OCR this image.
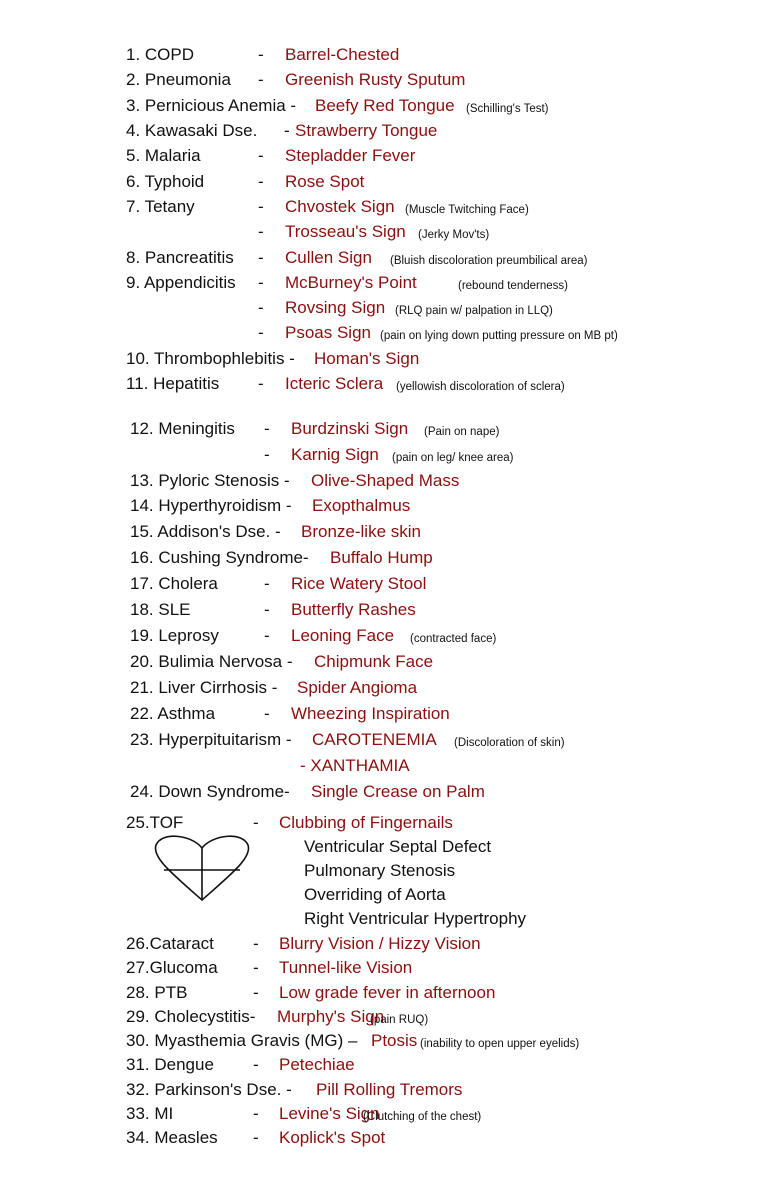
1. COPD	- Barrel-Chested
2. Pneumonia - Greenish Rusty Sputum
3. Pernicious Anemia - Beefy Red Tongue (Schilling's Test)
4. Kawasaki Dse. - Strawberry Tongue
5. Malaria	- Stepladder Fever
6. Typhoid	- Rose Spot
7. Tetany	- Chvostek Sign (Muscle Twitching Face)
- Trosseau's Sign (Jerky Mov'ts)
8. Pancreatitis - Cullen Sign (Bluish discoloration preumbilical area)
9. Appendicitis - McBurney's Point	(rebound tenderness)
- Rovsing Sign (RLQ pain w/ palpation in LLQ)
- Psoas Sign (pain on lying down putting pressure on MB pt)
10. Thrombophlebitis - Homan's Sign
11. Hepatitis - Icteric Sclera (yellowish discoloration of sclera)
12. Meningitis - Burdzinski Sign (Pain on nape)
- Karnig Sign (pain on leg/ knee area)
13. Pyloric Stenosis - Olive-Shaped Mass
14. Hyperthyroidism - Exopthalmus
15. Addison's Dse. - Bronze-like skin
16. Cushing Syndrome- Buffalo Hump
17. Cholera	- Rice Watery Stool
18. SLE	- Butterfly Rashes
19. Leprosy	- Leoning Face (contracted face)
20. Bulimia Nervosa - Chipmunk Face
21. Liver Cirrhosis - Spider Angioma
22. Asthma	- Wheezing Inspiration
23. Hyperpituitarism - CAROTENEMIA (Discoloration of skin)
- XANTHAMIA
24. Down Syndrome- Single Crease on Palm
25.TOF	- Clubbing of Fingernails
Ventricular Septal Defect
Pulmonary Stenosis
Overriding of Aorta
Right Ventricular Hypertrophy
26.Cataract - Blurry Vision / Hizzy Vision
27.Glucoma - Tunnel-like Vision
28. PTB	- Low grade fever in afternoon
29. Cholecystitis- Murphy's Sign
(pain RUQ)
30. Myasthemia Gravis (MG) – Ptosis (inability to open upper eyelids)
31. Dengue - Petechiae
32. Parkinson's Dse. - Pill Rolling Tremors
33. MI	- Levine's Sign
(Clutching of the chest)
34. Measles - Koplick's Spot
